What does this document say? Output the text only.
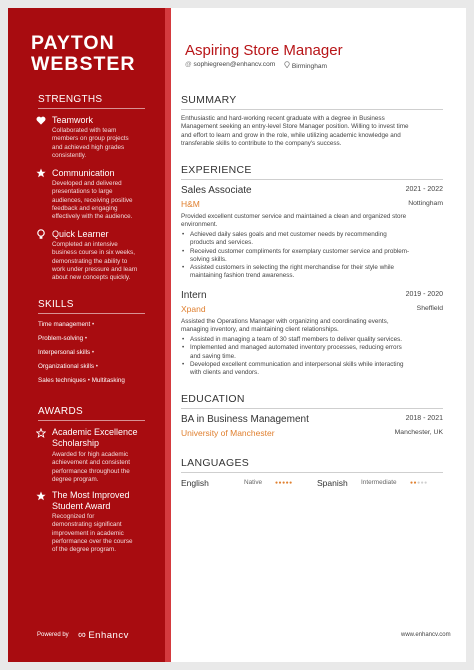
PAYTON
WEBSTER
STRENGTHS
Teamwork
Collaborated with team
members on group projects
and achieved high grades
consistently.
Communication
Developed and delivered
presentations to large
audiences, receiving positive
feedback and engaging
effectively with the audience.
Quick Learner
Completed an intensive
business course in six weeks,
demonstrating the ability to
work under pressure and learn
about new concepts quickly.
SKILLS
Time management •
Problem-solving •
Interpersonal skills •
Organizational skills •
Sales techniques • Multitasking
AWARDS
Academic Excellence
Scholarship
Awarded for high academic
achievement and consistent
performance throughout the
degree program.
The Most Improved
Student Award
Recognized for
demonstrating significant
improvement in academic
performance over the course
of the degree program.
Powered by ∞ Enhancv
Aspiring Store Manager
@ sophiegreen@enhancv.com	Birmingham
SUMMARY
Enthusiastic and hard-working recent graduate with a degree in Business
Management seeking an entry-level Store Manager position. Willing to invest time
and effort to learn and grow in the role, while utilizing academic knowledge and
transferable skills to contribute to the company's success.
EXPERIENCE
Sales Associate	2021 - 2022
H&M	Nottingham
Provided excellent customer service and maintained a clean and organized store
environment.
• Achieved daily sales goals and met customer needs by recommending
products and services.
• Received customer compliments for exemplary customer service and problem-
solving skills.
• Assisted customers in selecting the right merchandise for their style while
maintaining fashion trend awareness.
Intern	2019 - 2020
Xpand	Sheffield
Assisted the Operations Manager with organizing and coordinating events,
managing inventory, and maintaining client relationships.
• Assisted in managing a team of 30 staff members to deliver quality services.
• Implemented and managed automated inventory processes, reducing errors
and saving time.
• Developed excellent communication and interpersonal skills while interacting
with clients and vendors.
EDUCATION
BA in Business Management	2018 - 2021
University of Manchester	Manchester, UK
LANGUAGES
English	Native	●●●●●	Spanish Intermediate	●●●●●
www.enhancv.com
